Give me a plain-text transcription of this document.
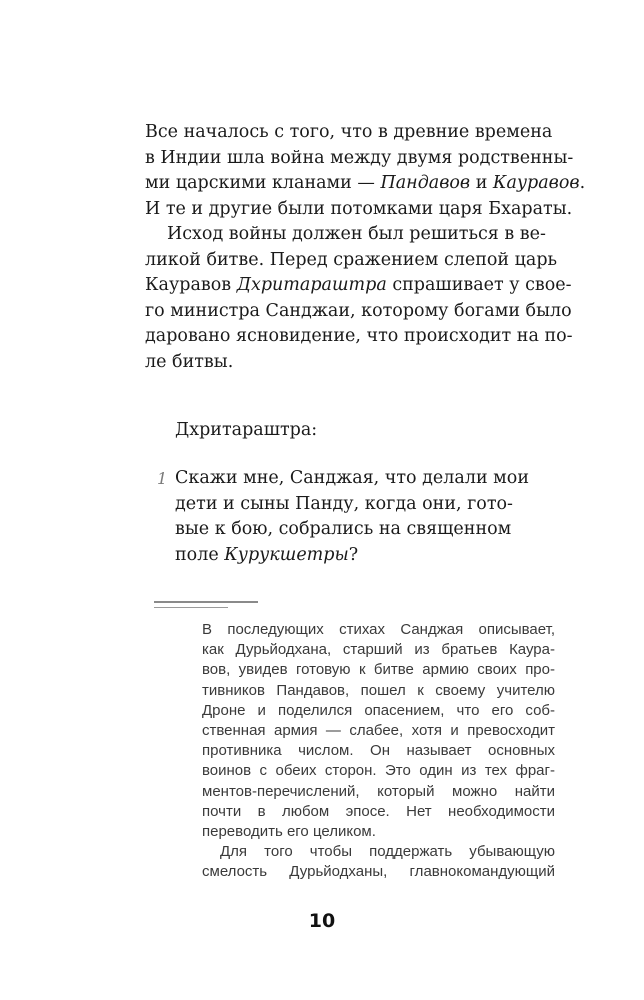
Все началось с того, что в древние времена
в Индии шла война между двумя родственны-
ми царскими кланами — Пандавов и Кауравов.
И те и другие были потомками царя Бхараты.
Исход войны должен был решиться в ве-
ликой битве. Перед сражением слепой царь
Кауравов Дхритараштра спрашивает у свое-
го министра Санджаи, которому богами было
даровано ясновидение, что происходит на по-
ле битвы.
Дхритараштра:
1 Скажи мне, Санджая, что делали мои
дети и сыны Панду, когда они, гото-
вые к бою, собрались на священном
поле Курукшетры?
В последующих стихах Санджая описывает,
как Дурьйодхана, старший из братьев Каура-
вов, увидев готовую к битве армию своих про-
тивников Пандавов, пошел к своему учителю
Дроне и поделился опасением, что его соб-
ственная армия — слабее, хотя и превосходит
противника числом. Он называет основных
воинов с обеих сторон. Это один из тех фраг-
ментов-перечислений, который можно найти
почти в любом эпосе. Нет необходимости
переводить его целиком.
Для того чтобы поддержать убывающую
смелость Дурьйодханы, главнокомандующий
10
